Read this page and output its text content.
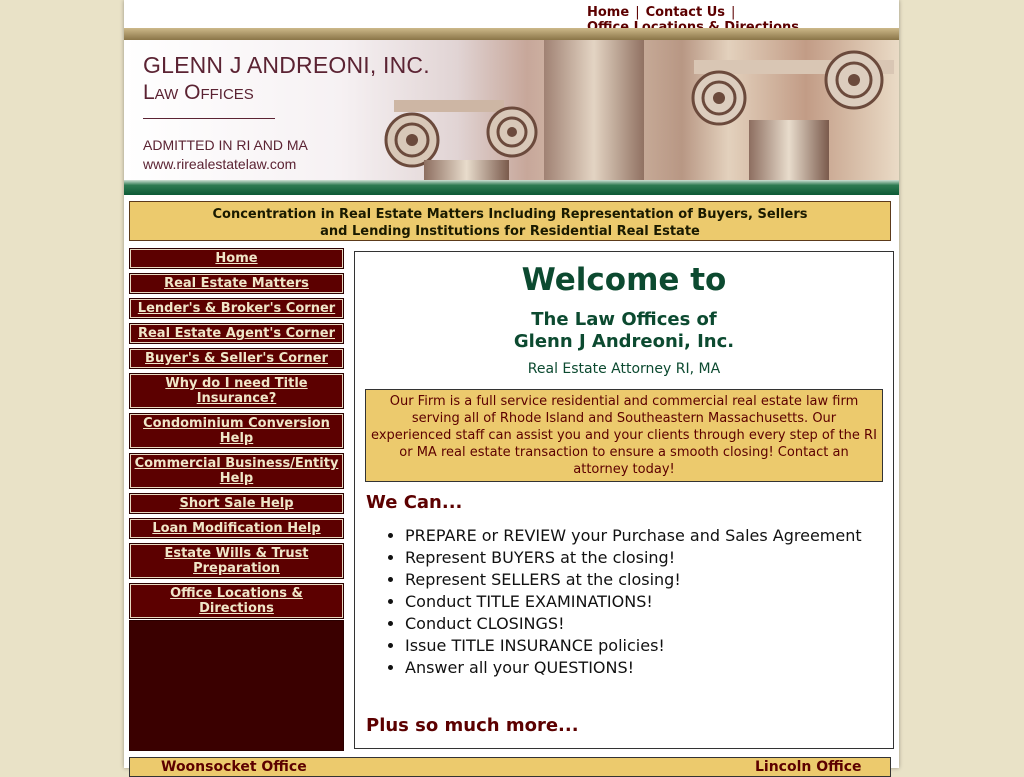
Home | Contact Us |
GLENN J ANDREONI, INC.
Law Offices
ADMITTED IN RI AND MA
www.rirealestatelaw.com
Concentration in Real Estate Matters Including Representation of Buyers, Sellers
and Lending Institutions for Residential Real Estate
Home
Real Estate Matters
Lender's & Broker's Corner
Real Estate Agent's Corner
Buyer's & Seller's Corner
Why do I need Title Insurance?
Condominium Conversion Help
Commercial Business/Entity Help
Short Sale Help
Loan Modification Help
Estate Wills & Trust Preparation
Office Locations & Directions
Welcome to
The Law Offices of
Glenn J Andreoni, Inc.
Real Estate Attorney RI, MA
Our Firm is a full service residential and commercial real estate law firm serving all of Rhode Island and Southeastern Massachusetts. Our experienced staff can assist you and your clients through every step of the RI or MA real estate transaction to ensure a smooth closing! Contact an attorney today!
We Can...
• PREPARE or REVIEW your Purchase and Sales Agreement
• Represent BUYERS at the closing!
• Represent SELLERS at the closing!
• Conduct TITLE EXAMINATIONS!
• Conduct CLOSINGS!
• Issue TITLE INSURANCE policies!
• Answer all your QUESTIONS!
Plus so much more...
Woonsocket Office	Lincoln Office
